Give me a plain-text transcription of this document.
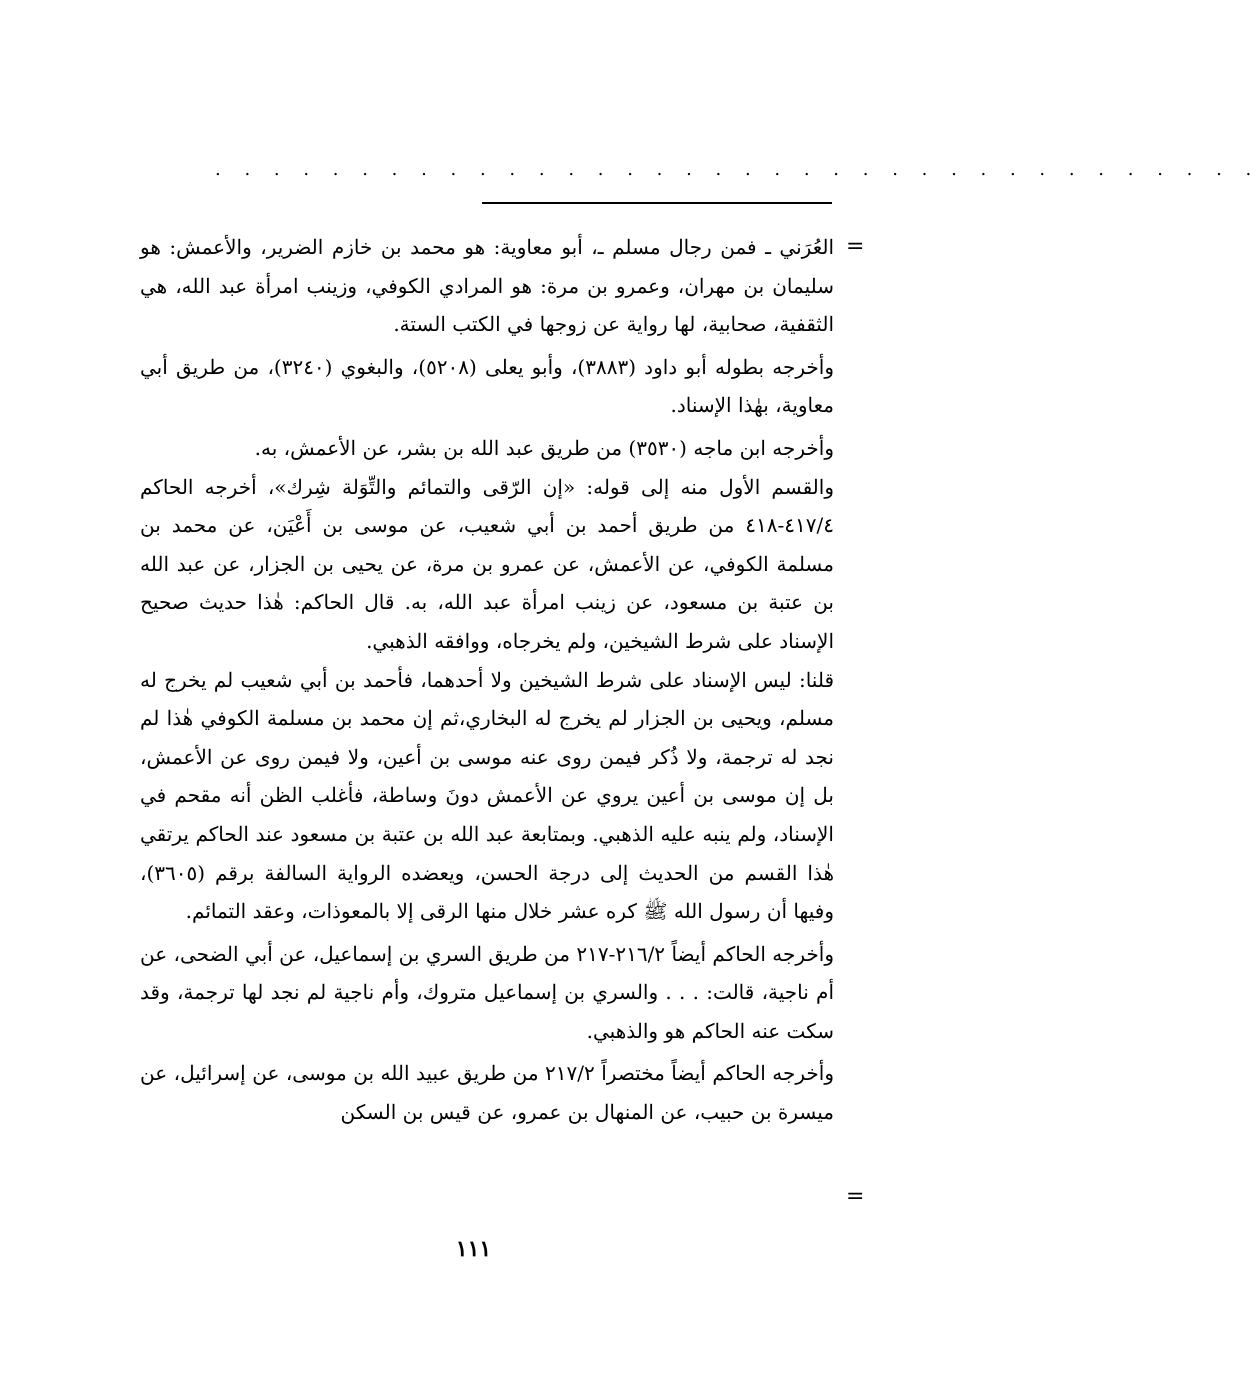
. . . . . . . . . . . . . . . . . . . . . . . . . . . . . . . . . . . .
=

العُرَني ـ فمن رجال مسلم ـ، أبو معاوية: هو محمد بن خازم الضرير، والأعمش: هو سليمان بن مهران، وعمرو بن مرة: هو المرادي الكوفي، وزينب امرأة عبد الله، هي الثقفية، صحابية، لها رواية عن زوجها في الكتب الستة.

وأخرجه بطوله أبو داود (٣٨٨٣)، وأبو يعلى (٥٢٠٨)، والبغوي (٣٢٤٠)، من طريق أبي معاوية، بهٰذا الإسناد.

وأخرجه ابن ماجه (٣٥٣٠) من طريق عبد الله بن بشر، عن الأعمش، به.

والقسم الأول منه إلى قوله: «إن الرّقى والتمائم والتِّوَلة شِرك»، أخرجه الحاكم ٤١٧/٤-٤١٨ من طريق أحمد بن أبي شعيب، عن موسى بن أَعْيَن، عن محمد بن مسلمة الكوفي، عن الأعمش، عن عمرو بن مرة، عن يحيى بن الجزار، عن عبد الله بن عتبة بن مسعود، عن زينب امرأة عبد الله، به. قال الحاكم: هٰذا حديث صحيح الإسناد على شرط الشيخين، ولم يخرجاه، ووافقه الذهبي.

قلنا: ليس الإسناد على شرط الشيخين ولا أحدهما، فأحمد بن أبي شعيب لم يخرج له مسلم، ويحيى بن الجزار لم يخرج له البخاري،ثم إن محمد بن مسلمة الكوفي هٰذا لم نجد له ترجمة، ولا ذُكر فيمن روى عنه موسى بن أعين، ولا فيمن روى عن الأعمش، بل إن موسى بن أعين يروي عن الأعمش دونَ وساطة، فأغلب الظن أنه مقحم في الإسناد، ولم ينبه عليه الذهبي. وبمتابعة عبد الله بن عتبة بن مسعود عند الحاكم يرتقي هٰذا القسم من الحديث إلى درجة الحسن، ويعضده الرواية السالفة برقم (٣٦٠٥)، وفيها أن رسول الله ﷺ كره عشر خلال منها الرقى إلا بالمعوذات، وعقد التمائم.

وأخرجه الحاكم أيضاً ٢١٦/٢-٢١٧ من طريق السري بن إسماعيل، عن أبي الضحى، عن أم ناجية، قالت: . . . والسري بن إسماعيل متروك، وأم ناجية لم نجد لها ترجمة، وقد سكت عنه الحاكم هو والذهبي.

وأخرجه الحاكم أيضاً مختصراً ٢١٧/٢ من طريق عبيد الله بن موسى، عن إسرائيل، عن ميسرة بن حبيب، عن المنهال بن عمرو، عن قيس بن السكن

=
١١١
